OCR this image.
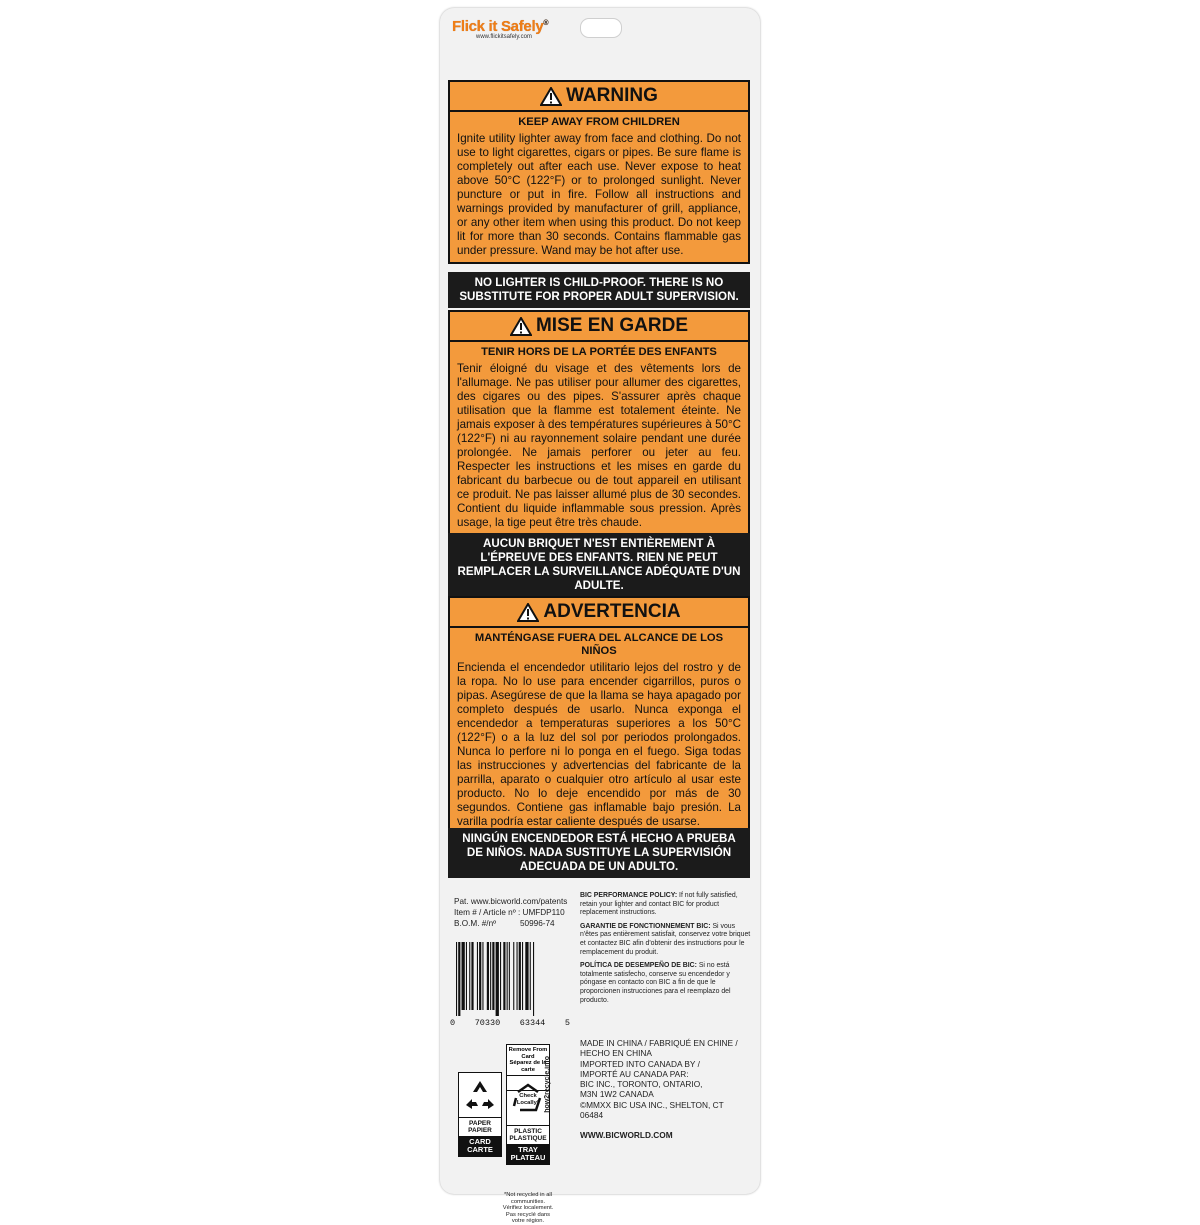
Flick it Safely®
www.flickitsafely.com
WARNING
KEEP AWAY FROM CHILDREN
Ignite utility lighter away from face and clothing. Do not use to light cigarettes, cigars or pipes. Be sure flame is completely out after each use. Never expose to heat above 50°C (122°F) or to prolonged sunlight. Never puncture or put in fire. Follow all instructions and warnings provided by manufacturer of grill, appliance, or any other item when using this product. Do not keep lit for more than 30 seconds. Contains flammable gas under pressure. Wand may be hot after use.
NO LIGHTER IS CHILD-PROOF. THERE IS NO SUBSTITUTE FOR PROPER ADULT SUPERVISION.
MISE EN GARDE
TENIR HORS DE LA PORTÉE DES ENFANTS
Tenir éloigné du visage et des vêtements lors de l'allumage. Ne pas utiliser pour allumer des cigarettes, des cigares ou des pipes. S'assurer après chaque utilisation que la flamme est totalement éteinte. Ne jamais exposer à des températures supérieures à 50°C (122°F) ni au rayonnement solaire pendant une durée prolongée. Ne jamais perforer ou jeter au feu. Respecter les instructions et les mises en garde du fabricant du barbecue ou de tout appareil en utilisant ce produit. Ne pas laisser allumé plus de 30 secondes. Contient du liquide inflammable sous pression. Après usage, la tige peut être très chaude.
AUCUN BRIQUET N'EST ENTIÈREMENT À L'ÉPREUVE DES ENFANTS. RIEN NE PEUT REMPLACER LA SURVEILLANCE ADÉQUATE D'UN ADULTE.
ADVERTENCIA
MANTÉNGASE FUERA DEL ALCANCE DE LOS NIÑOS
Encienda el encendedor utilitario lejos del rostro y de la ropa. No lo use para encender cigarrillos, puros o pipas. Asegúrese de que la llama se haya apagado por completo después de usarlo. Nunca exponga el encendedor a temperaturas superiores a los 50°C (122°F) o a la luz del sol por periodos prolongados. Nunca lo perfore ni lo ponga en el fuego. Siga todas las instrucciones y advertencias del fabricante de la parrilla, aparato o cualquier otro artículo al usar este producto. No lo deje encendido por más de 30 segundos. Contiene gas inflamable bajo presión. La varilla podría estar caliente después de usarse.
NINGÚN ENCENDEDOR ESTÁ HECHO A PRUEBA DE NIÑOS. NADA SUSTITUYE LA SUPERVISIÓN ADECUADA DE UN ADULTO.
Pat. www.bicworld.com/patents
Item # / Article nº : UMFDP110
B.O.M. #/nº	50996-74
0 70330 63344 5

BIC PERFORMANCE POLICY: If not fully satisfied, retain your lighter and contact BIC for product replacement instructions.

GARANTIE DE FONCTIONNEMENT BIC: Si vous n'êtes pas entièrement satisfait, conservez votre briquet et contactez BIC afin d'obtenir des instructions pour le remplacement du produit.

POLÍTICA DE DESEMPEÑO DE BIC: Si no está totalmente satisfecho, conserve su encendedor y póngase en contacto con BIC a fin de que le proporcionen instrucciones para el reemplazo del producto.

PAPER
PAPIER
CARD
CARTE
Remove From Card
Séparez de la carte
Check
Locally*
PLASTIC
PLASTIQUE
TRAY
PLATEAU
how2recycle.info
*Not recycled in all communities. Vérifiez localement. Pas recyclé dans votre région.
MADE IN CHINA / FABRIQUÉ EN CHINE /
HECHO EN CHINA
IMPORTED INTO CANADA BY /
IMPORTÉ AU CANADA PAR:
BIC INC., TORONTO, ONTARIO,
M3N 1W2 CANADA
©MMXX BIC USA INC., SHELTON, CT
06484
WWW.BICWORLD.COM
